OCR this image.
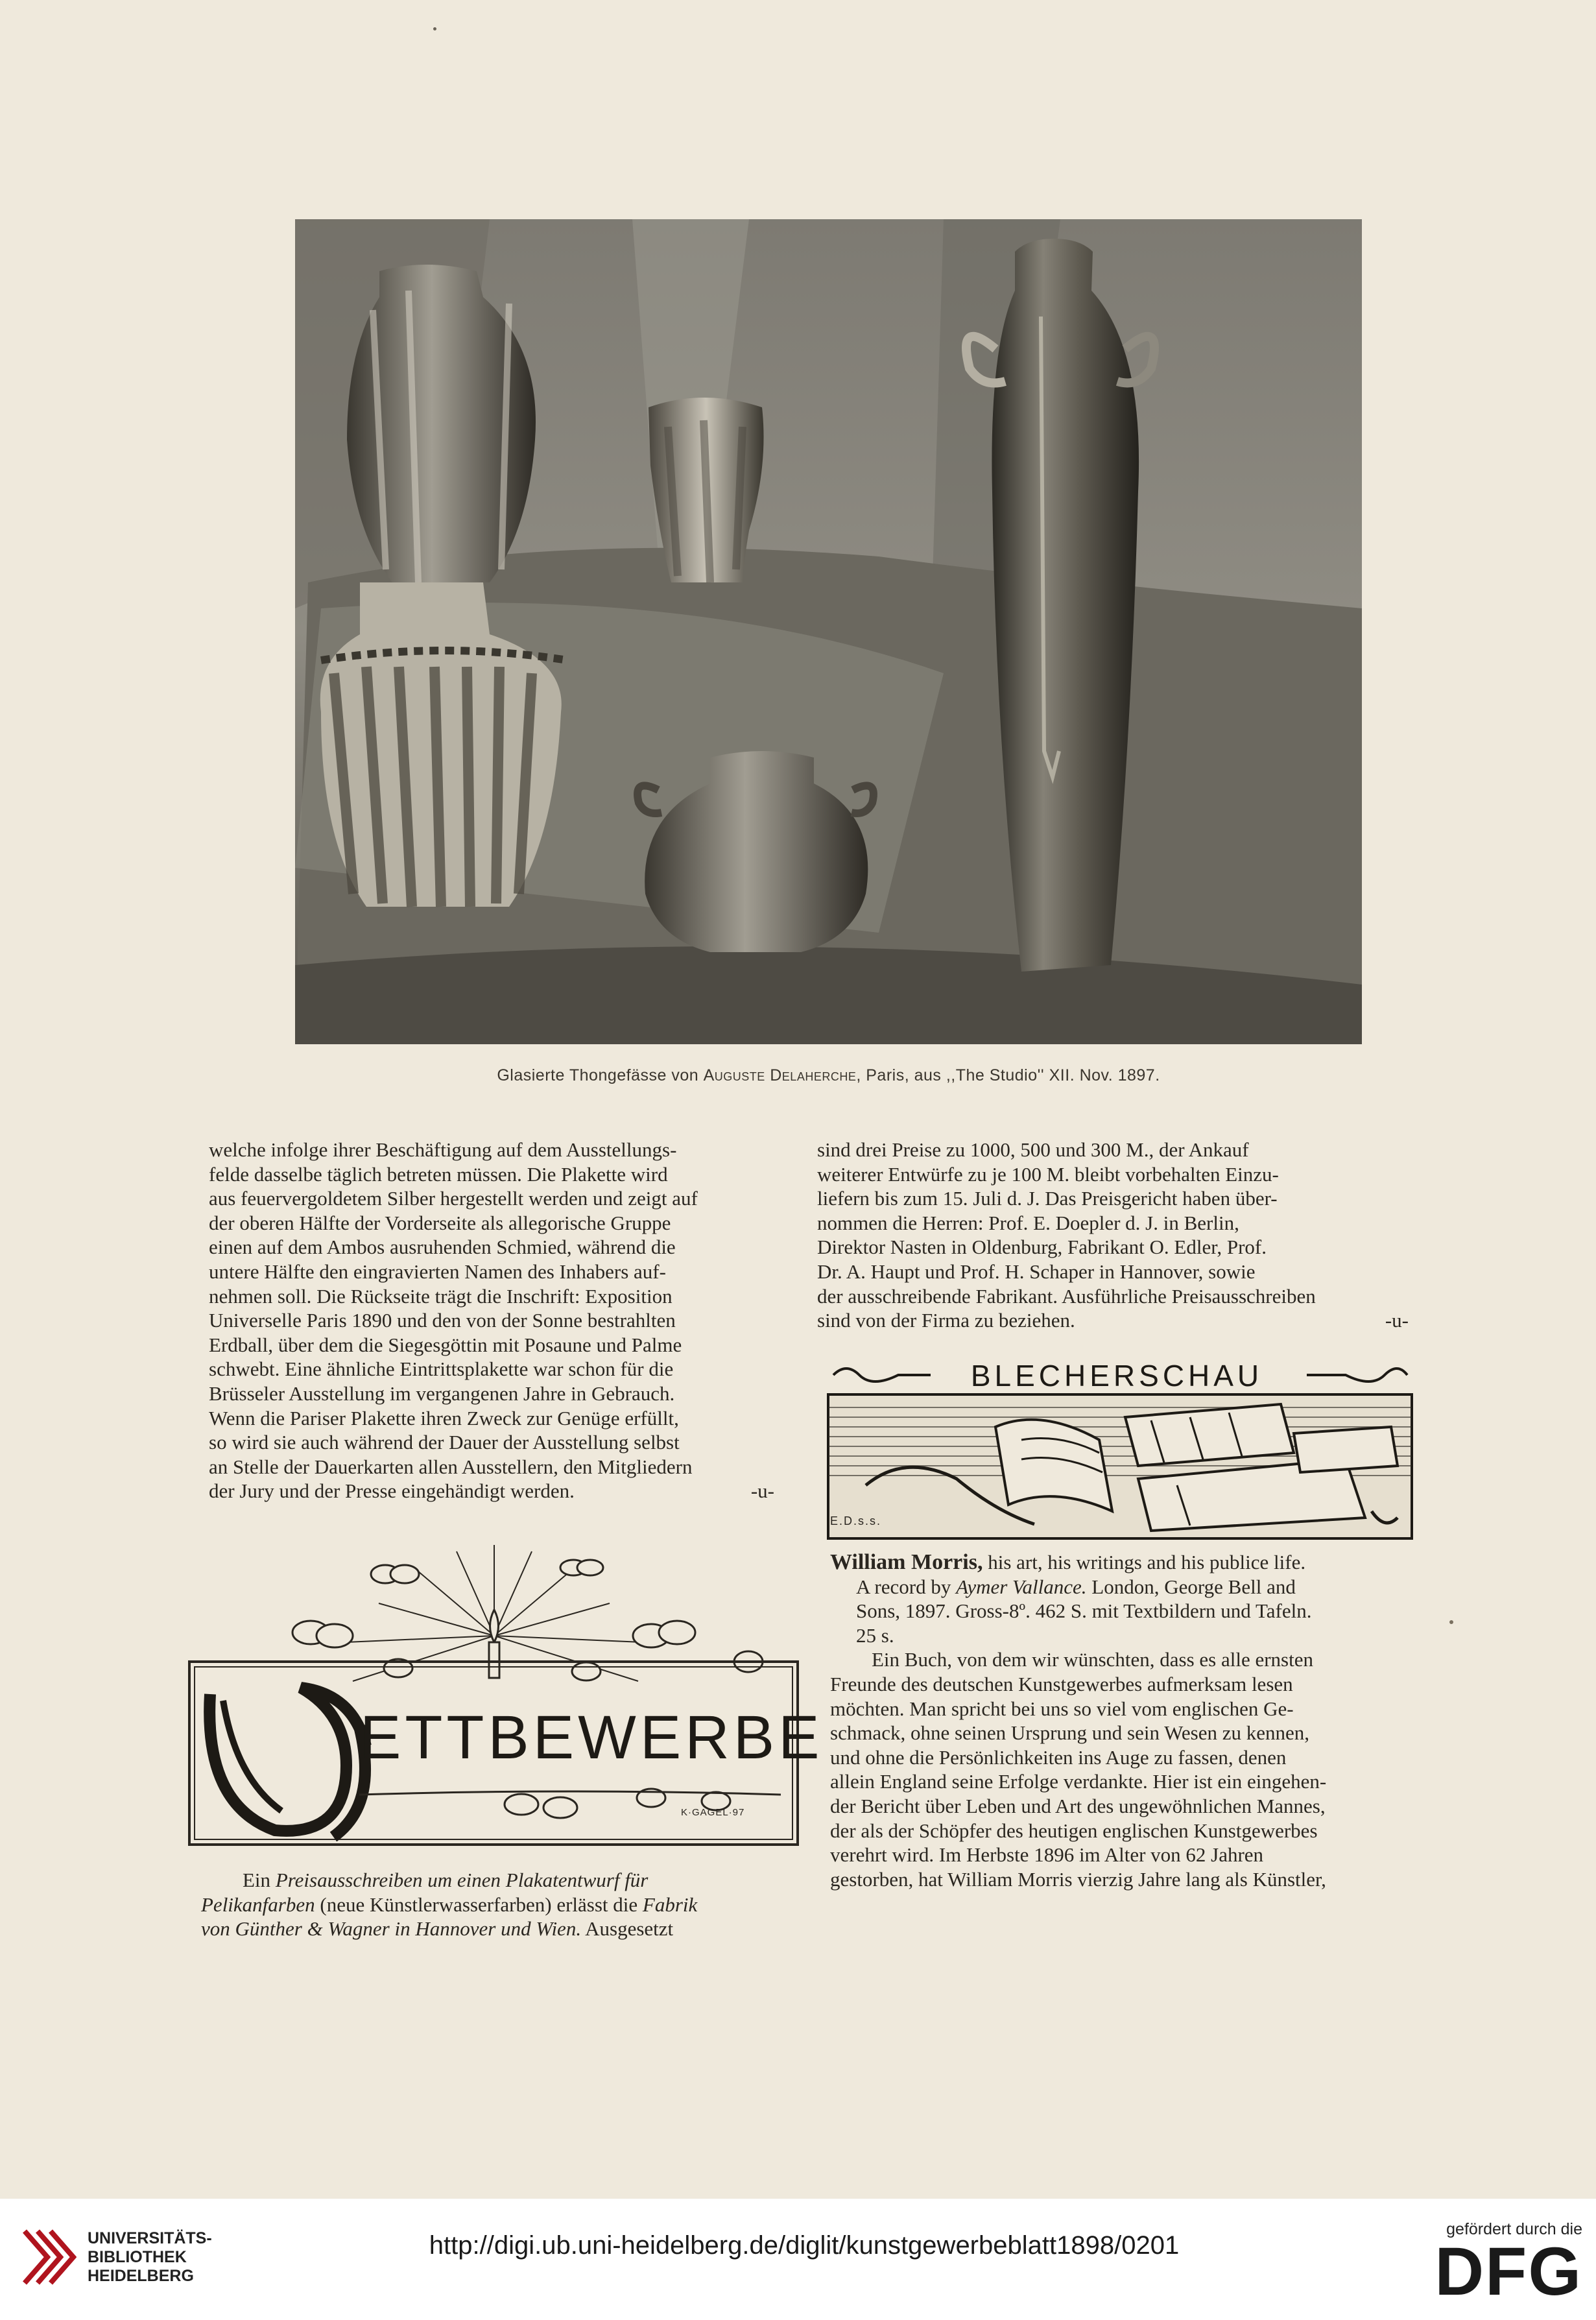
Glasierte Thongefässe von Auguste Delaherche, Paris, aus ,,The Studio'' XII. Nov. 1897.

welche infolge ihrer Beschäftigung auf dem Ausstellungs-

felde dasselbe täglich betreten müssen. Die Plakette wird

aus feuervergoldetem Silber hergestellt werden und zeigt auf

der oberen Hälfte der Vorderseite als allegorische Gruppe

einen auf dem Ambos ausruhenden Schmied, während die

untere Hälfte den eingravierten Namen des Inhabers auf-

nehmen soll. Die Rückseite trägt die Inschrift: Exposition

Universelle Paris 1890 und den von der Sonne bestrahlten

Erdball, über dem die Siegesgöttin mit Posaune und Palme

schwebt. Eine ähnliche Eintrittsplakette war schon für die

Brüsseler Ausstellung im vergangenen Jahre in Gebrauch.

Wenn die Pariser Plakette ihren Zweck zur Genüge erfüllt,

so wird sie auch während der Dauer der Ausstellung selbst

an Stelle der Dauerkarten allen Ausstellern, den Mitgliedern

der Jury und der Presse eingehändigt werden.	-u-

sind drei Preise zu 1000, 500 und 300 M., der Ankauf

weiterer Entwürfe zu je 100 M. bleibt vorbehalten Einzu-

liefern bis zum 15. Juli d. J. Das Preisgericht haben über-

nommen die Herren: Prof. E. Doepler d. J. in Berlin,

Direktor Nasten in Oldenburg, Fabrikant O. Edler, Prof.

Dr. A. Haupt und Prof. H. Schaper in Hannover, sowie

der ausschreibende Fabrikant. Ausführliche Preisausschreiben

sind von der Firma zu beziehen.	-u-

ETTBEWERBE
K·GAGEL·97

Ein Preisausschreiben um einen Plakatentwurf für

Pelikanfarben (neue Künstlerwasserfarben) erlässt die Fabrik

von Günther & Wagner in Hannover und Wien. Ausgesetzt

BLECHERSCHAU
E.D.s.s.

William Morris, his art, his writings and his publice life.
A record by Aymer Vallance. London, George Bell and
Sons, 1897. Gross-8º. 462 S. mit Textbildern und Tafeln.
25 s.

Ein Buch, von dem wir wünschten, dass es alle ernsten

Freunde des deutschen Kunstgewerbes aufmerksam lesen

möchten. Man spricht bei uns so viel vom englischen Ge-

schmack, ohne seinen Ursprung und sein Wesen zu kennen,

und ohne die Persönlichkeiten ins Auge zu fassen, denen

allein England seine Erfolge verdankte. Hier ist ein eingehen-

der Bericht über Leben und Art des ungewöhnlichen Mannes,

der als der Schöpfer des heutigen englischen Kunstgewerbes

verehrt wird. Im Herbste 1896 im Alter von 62 Jahren

gestorben, hat William Morris vierzig Jahre lang als Künstler,

UNIVERSITÄTS-
BIBLIOTHEK
HEIDELBERG
http://digi.ub.uni-heidelberg.de/diglit/kunstgewerbeblatt1898/0201
gefördert durch die
DFG
